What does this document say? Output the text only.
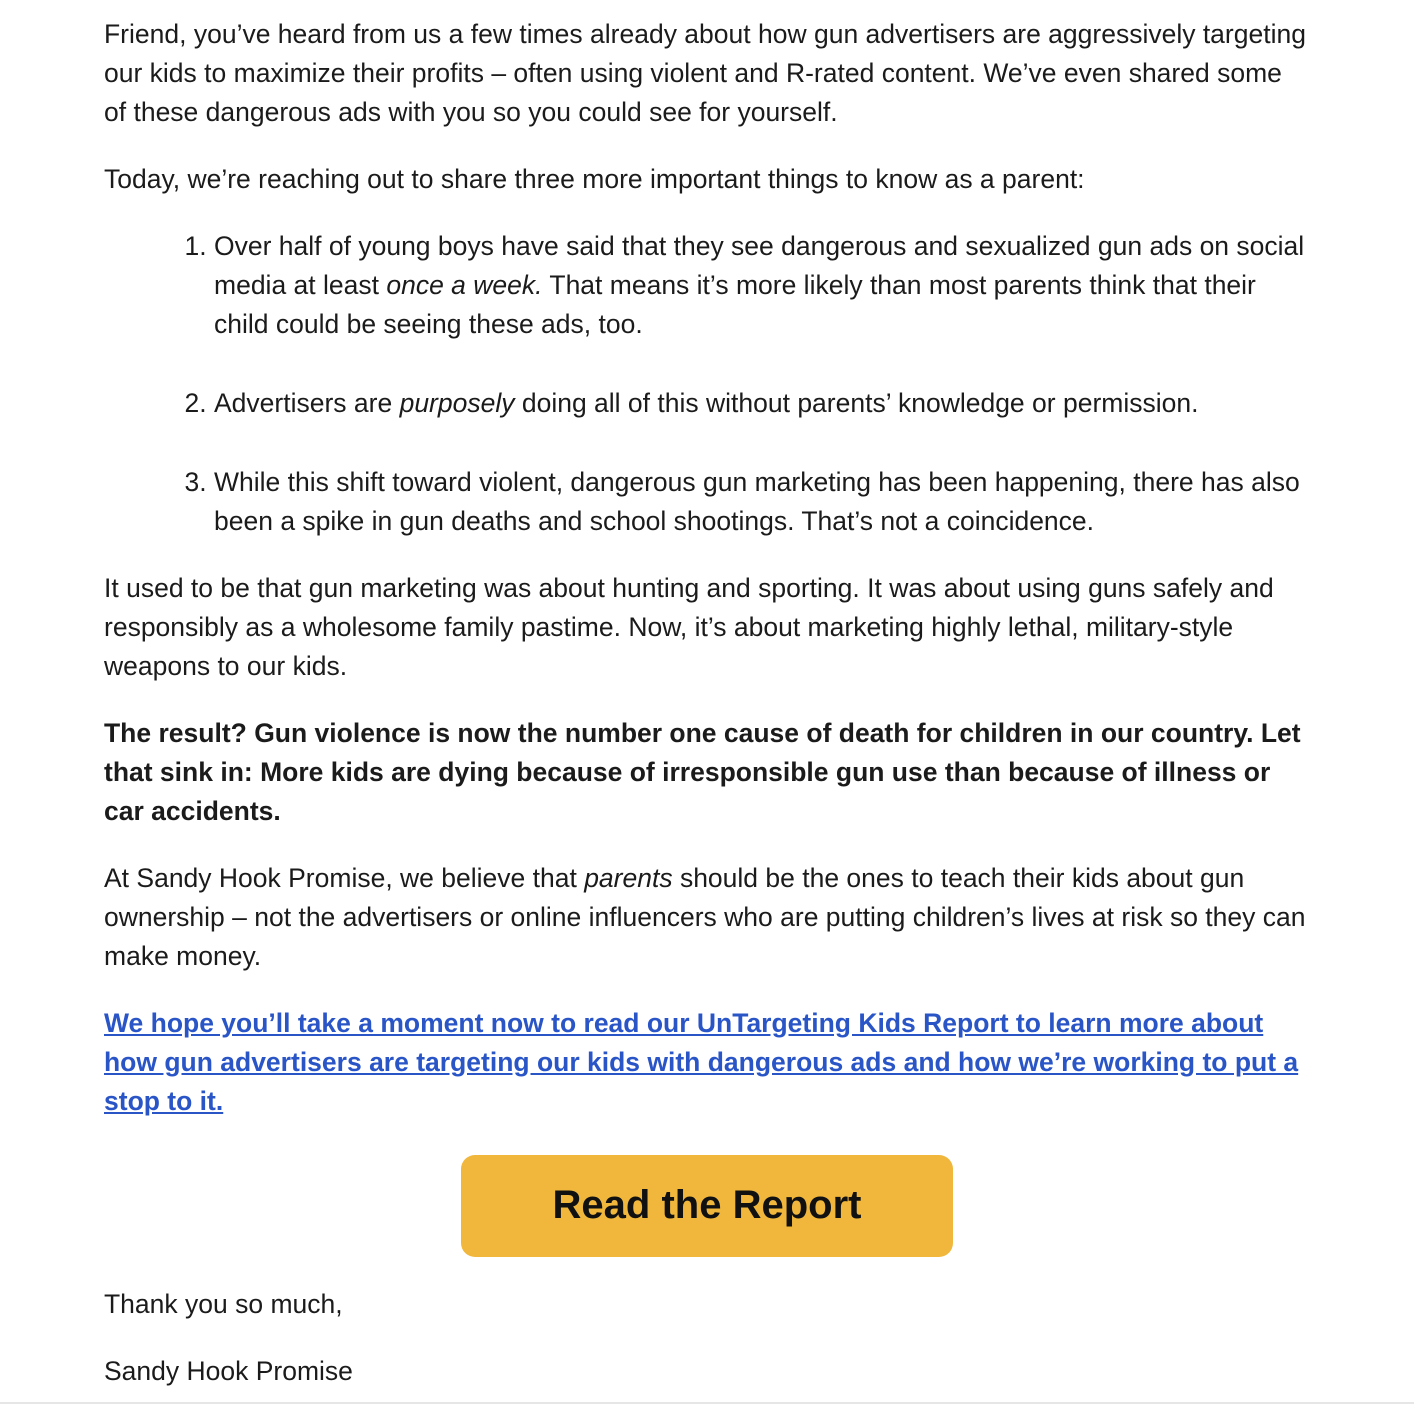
Friend, you’ve heard from us a few times already about how gun advertisers are aggressively targeting our kids to maximize their profits – often using violent and R-rated content. We’ve even shared some of these dangerous ads with you so you could see for yourself.

Today, we’re reaching out to share three more important things to know as a parent:

1. Over half of young boys have said that they see dangerous and sexualized gun ads on social media at least once a week. That means it’s more likely than most parents think that their child could be seeing these ads, too.
2. Advertisers are purposely doing all of this without parents’ knowledge or permission.
3. While this shift toward violent, dangerous gun marketing has been happening, there has also been a spike in gun deaths and school shootings. That’s not a coincidence.

It used to be that gun marketing was about hunting and sporting. It was about using guns safely and responsibly as a wholesome family pastime. Now, it’s about marketing highly lethal, military-style weapons to our kids.

The result? Gun violence is now the number one cause of death for children in our country. Let that sink in: More kids are dying because of irresponsible gun use than because of illness or car accidents.

At Sandy Hook Promise, we believe that parents should be the ones to teach their kids about gun ownership – not the advertisers or online influencers who are putting children’s lives at risk so they can make money.

We hope you’ll take a moment now to read our UnTargeting Kids Report to learn more about how gun advertisers are targeting our kids with dangerous ads and how we’re working to put a stop to it.

Read the Report

Thank you so much,

Sandy Hook Promise
